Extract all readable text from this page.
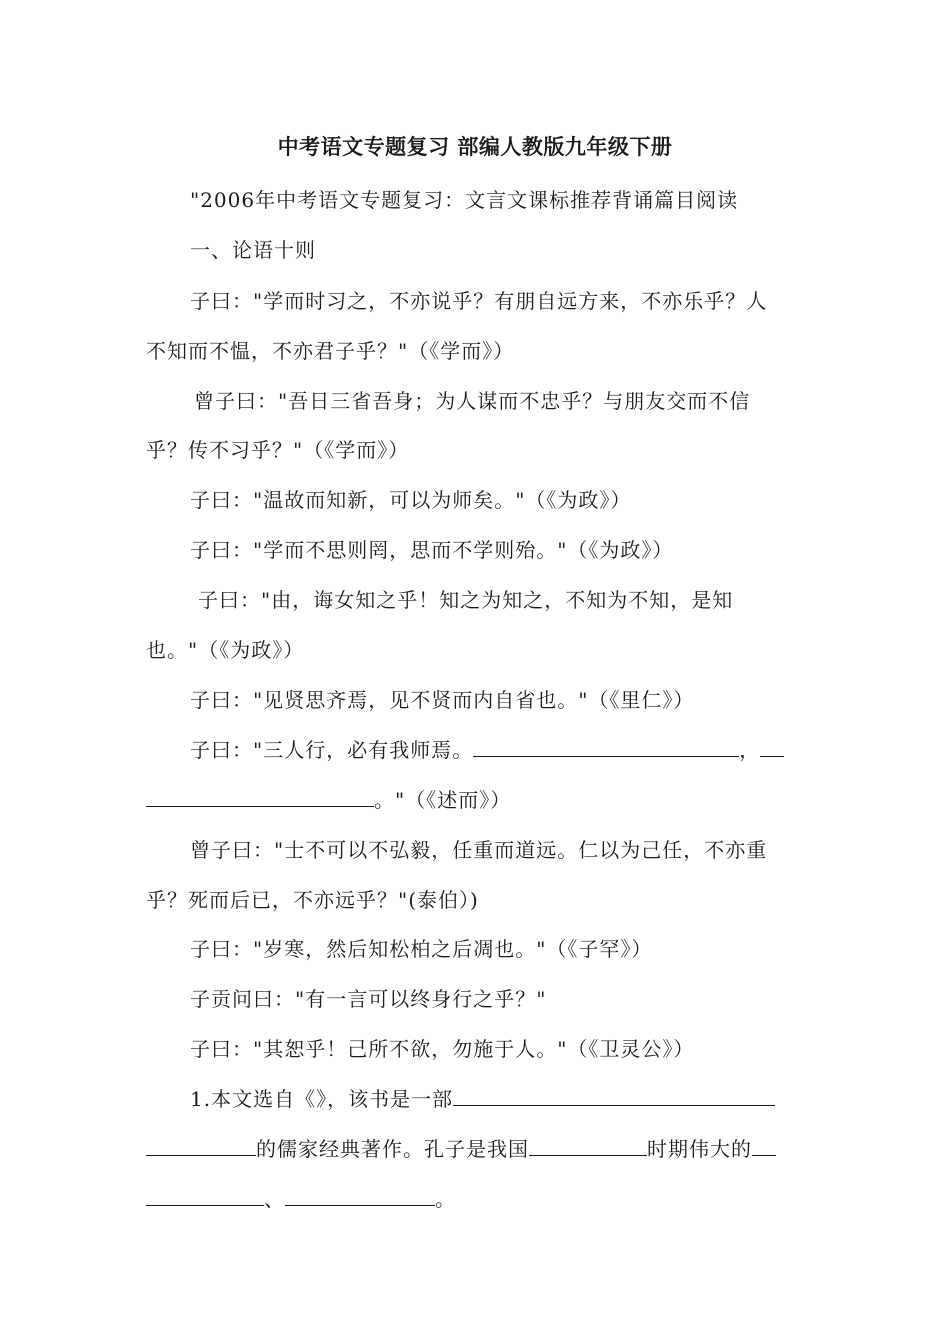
中考语文专题复习 部编人教版九年级下册
"2006年中考语文专题复习：文言文课标推荐背诵篇目阅读
一、论语十则
子曰："学而时习之，不亦说乎？有朋自远方来，不亦乐乎？人
不知而不愠，不亦君子乎？"（《学而》）
曾子曰："吾日三省吾身；为人谋而不忠乎？与朋友交而不信
乎？传不习乎？"（《学而》）
子曰："温故而知新，可以为师矣。"（《为政》）
子曰："学而不思则罔，思而不学则殆。"（《为政》）
子曰："由，诲女知之乎！知之为知之，不知为不知，是知
也。"（《为政》）
子曰："见贤思齐焉，见不贤而内自省也。"（《里仁》）
子曰："三人行，必有我师焉。	，
。"（《述而》）
曾子曰："士不可以不弘毅，任重而道远。仁以为己任，不亦重
乎？死而后已，不亦远乎？"(泰伯）)
子曰："岁寒，然后知松柏之后凋也。"（《子罕》）
子贡问曰："有一言可以终身行之乎？"
子曰："其恕乎！己所不欲，勿施于人。"（《卫灵公》）
1.本文选自《》，该书是一部
的儒家经典著作。孔子是我国	时期伟大的
、	。
